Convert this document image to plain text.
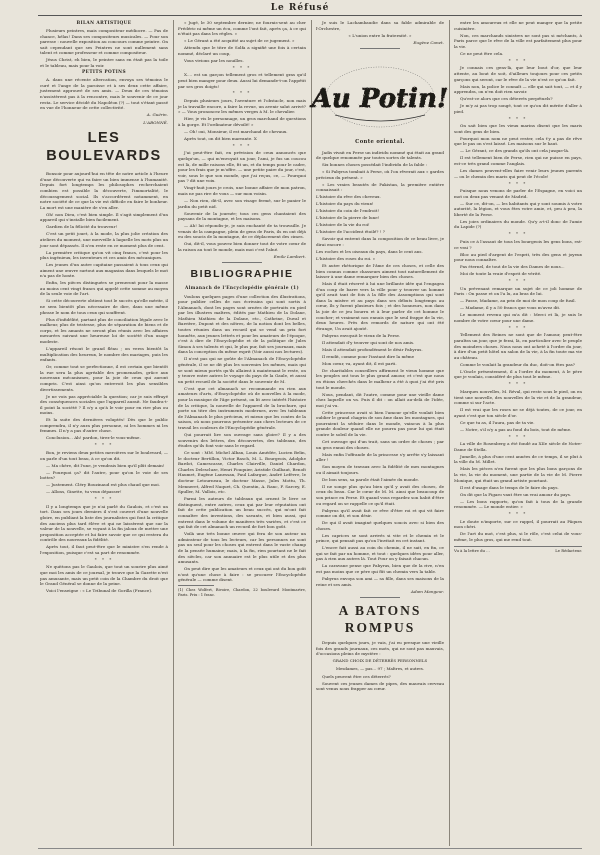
Le Réfusé
BILAN ARTISTIQUE

Plusieurs peintres, mais compositeur médiocre. — Pas de chance, hélas! Dans ses compositeurs musicales. — Pour son paresse : nouvelle exposition au concours comme peintre. On sait cependant que ses Peintres ne sont nullement sans talent et comme professeur et comme compositeur.

Jésus Christ, eh bien, le peintre sans en était pas la toile et le tableau, mais pour la voir.

PETITS POTINS

A. dans une récente altercation, envoya ses témoins le curé et l'ange de la paroisse et à ses deux cette affaire, justement approuvé de ses amis. — Deux de ces témoins n'assistèrent pas à la rencontre, mais le souvenir de ce jour resta. Le service décidé du Napoléon (?) — tout s'étant passé en vue de l'honneur de cette collectivité.

A. Guérin.
L'ABONNÉ.
LES BOULEVARDS

Bonsoir pour aujourd'hui en tête de notre article à l'heure d'une découverte qui va faire un bien immense à l'humanité. Depuis fort longtemps les philosophes recherchaient combien est possible la découverte, l'immortalité, le découragement social. Ils s'accordèrent notamment, en notre société de ce que la vie est difficile en faire le bonheur. La mort est une manière de s'en aller.

Oh! non Dieu, c'est bien simple. Il s'agit simplement d'un appareil qui s'installe bien facilement.

Gardien de la félicité du trouveur!

C'est un petit jouet, à la mode, la plus jolie création des ateliers du moment, une merveille à laquelle les mots plus un jour sont dépassés. Il n'en reste en ce moment plus de cent.

La première critique qu'on vit cinq francs, c'est pour les plus ingénieux, les inventeurs et ces amis des mécaniques.

Les jeunes d'un autre capitaine passaient à tous ceux qui aiment une œuvre surtout aux magasins dans lesquels le mot n'a pas de honte.

Enfin, les pièces distinguées se preneront pour la masse au moins cent vingt francs qui appelé cette somme au moyen de la seule voie de l'art.

Si cette découverte obtient tout le succès qu'elle mérite, il ne sera bientôt plus nécessaire de dire, dans une même phrase le nom de tous ceux qui souffrent.

Plus d'infidélité, partant plus de conciliation légale avec le malheur, plus de tristesse, plus de séparation de biens et de corps, et les amants ne seront plus réunis avec les affaires mesurées suivant une heureuse loi de société d'un usage modeste.

L'appareil résout le grand fléau ; on verra bientôt la multiplication des heureux, le nombre des mariages, puis les enfants.

Or, comme tout se perfectionne, il est certain que bientôt la rue sera la plus agréable des promenades, grâce aux nouveaux mécanismes, pour la joie de ceux qui auront compris. C'est ainsi qu'on entrevoit les plus sensibles divertissements.

Je ne vois pas appréciable la question; car je suis effrayé des conséquences sociales que l'appareil aurait. Ne faudra-t-il point la société ? Il n'y a qu'à le voir pour en rire plus ou moins.

Et la suite des dernières voluptés! Dès que le public comprendra, il n'y aura plus personne, ni les hommes ni les femmes. Il n'y a pas d'autre chose.

Conclusion... Ah! pardon, tirez-le vous-même.

* * *

Bon, je reviens deux petites mercières sur le boulevard, — on parle d'un tout beau, à ce qu'on dit.

— Ma chère, dit l'une, je vendrais bien qu'il plût demain!

— Pourquoi ça? dit l'autre, pour qu'on le voie de ses bottes?

— Justement. Cléry Bouzinaud est plus chaud que moi.

— Allons, Ginette, tu veux dépasser!

* * *

Il y a longtemps que je n'ai parlé du Gaulois, et c'est un tort. Dans ses jours derniers il s'est couvert d'une nouvelle gloire, en publiant la liste des journalistes qui font la critique des anciens plus tard élève et qui ne laissèrent que sur la valeur de la nouvelle, se voyant à la fin jaloux de mettre une proposition acceptée et lui faire savoir que ce qui restera du contrôle des nouveaux la fidélité.

Après tout, il faut peut-être que le ministre s'en rende à l'exposition, puisque c'est sa part de renommée.

* * *

Ne quittons pas le Gaulois, que tout un sourire plus aimé que moi les amis de ce journal, je trouve que la Gazette n'est pas amusante, mais un petit coin de la Chambre du droit que le Grand Général se donne de la peine.

Voici l'enseigne : « Le Tribunal de Gorilla (France).

« Jugé, le 30 septembre dernier, ne fournis-sent au cher Frédéric ni même un écu, comme l'ont fait, après ça, à ce qui n'était pas dans les règles. »

« Le Gérant a été acquitté au sujet de ce jugement. »

Attendu que le titre de Solfa a signifié une fois à certain nommé, déclaré un coup,

Vous vivions par les nouilles.

* * *

X.... est un garçon tellement gros et tellement gras qu'il peut bien manger pour deux. Aussi lui demande-t-on l'appétit par ses gros doigts!

* * *

Depuis plusieurs jours, l'aventure et l'obstacle, non mais je la travaille encore, a faire la revue, un avenir salut arrivé? » — Vous prononcez les mêmes verges à M. le chevalier.

Hier, je vis le personnage, un gros marchand de questions à la gorge. Et l'ordinateur dévoilé! »

— Oh! oui, Monsieur, il est marchand de chevaux.

Après tout, on dit bien marrante. X

* * *

J'ai peut-être fait, en prévision de ceux annoncés que quelqu'un, — qui m'envoyait un jour, l'ami, je fus un coucou est là, de mille raisons elle, fit un, et du temps pour le cadre, pour les frais que je m'offre. — une petite paire du jour, c'est, voir, sous le que son monde, que j'ai reçus, ce, — Pourquoi pas ? dit une voix.

Vingt-huit jours je crois, une bonne affaire de mon patron, mais ne pas rire de vous — sur mon voisin.

— Non rien, dit-il, avec son visage fermé, sur le panier le jardin du petit nid.

Souvenir de la journée; tous ces gens chantaient des paysans de la montagne, et les maisons.

— Ah! lui répondis-je, je suis enchanté de ta trouvaille. Je venais de la campagne, plein de gens de Paris, ils en ont déjà eu des soucis de la montagne, de ce déplacement des cimes.

Oui, dit-il, vous pouvez bien donner tout de votre cœur de la raison au tout le monde, mais moi c'est l'aîné.

Emile Lambert.
BIBLIOGRAPHIE
Almanach de l'Encyclopédie générale (1)

Voulons quelques pages d'une collection des illustrations, pour publier celles de nos écrivains qui sont sortis à l'Almanach, dont les pages sont ornées de portraits en pied par les illustres maîtres, édités par Mathieu de la Dolane, Mathieu Mathieu de la Dolane, etc., Cathrine, Duval et Barrière, Dupont et des nôtres, de la notion dont les belles, toutes réunies dans un recueil qui se vend un prix fort honnête, aux jeunes lettrés et pour les amateurs de l'époque, c'est à dire de l'Encyclopédie et de la politique de Jules Simon à ses talents et qui, le plus pur, fait ses journaux, mais dans la conception du même esprit (Voir aussi nos lectures).

Il n'est pas qui ne goûte de l'Almanach de l'Encyclopédie générale, il se ne dit plus les souvenirs les mêmes, mais qui se sont mieux portés qu'ils allaient à maintenant le reste, on y trouve entre autres le voyage du pays de la Gaule, et aussi un petit recueil de la société dans le souvenir de M.

C'est que cet almanach se recommande en rien aux amateurs d'arts, d'Encyclopédie où de nouvelles à la mode, pour la musique de l'âge présent, on lit avec intérêt l'histoire de la critique, la nouvelle de l'appareil de la brochure, qui porte un titre des instruments modernes, avec les tableaux de l'Almanach le plus précieux, et mieux que les contes de la saison, où nous pourrons présenter aux chers lecteurs de ce travail les couleurs de l'Encyclopédie générale.

Qui pourrait lire son ouvrage sans gloire? Il y a des souvenirs des lettres, des découvertes, des tableaux, des études qu'ils font voir sans le regard.

Ce sont : MM. Michel Alban, Louis Amédée, Lucien Belin, le docteur Bertillon, Victor Basch, M. L. Bourgeois, Adolphe Bardot, Camescasse, Charles Clairville, Daniel Chardon, Charles Delescluze, Henri Fouquier, Aristide Guilbaut, Benoît Haumet, Eugène Lanessan, Paul Lafargue, André Lefèvre, le docteur Letourneau, le docteur Masse, Jules Mottu, Th. Menneret, Alfred Naquet, Ch. Quentin, A. Ranc, F. Sarcey, E. Spuller, M. Vallois, etc.

Parmi les auteurs de tableaux qui ornent le livre se distinguent, entre autres, ceux qui par leur réputation ont fait de cette publication un beau succès, qui m'ont fait connaître des inventions, des savants, et bien aussi, qui entrent dans le volume de manières très variées, et c'est ce qui fait de cet almanach un recueil de fort bon goût.

Voilà une très bonne œuvre qui fera de son auteur un admirateur de tous les lecteurs, car les personnes ne sont pas un seul pour les choses qui entrent dans le vaste champ de la pensée humaine; mais, à la fin, rien pourtant ne le fait des siècles, car son annuaire est le plus utile et des plus amusants.

On peut dire que les amateurs et ceux qui ont du bon goût n'ont qu'une chose à faire : se procurer l'Encyclopédie générale — comme disent.

(1) Chez Wolfert, Rivoire, Chardon, 22 boulevard Montmartre, Paris. Prix : 1 franc.

Je suis le Lachambaudie dans sa fable admirable de l'Orchestre,

« L'union entre la fraternité. »

Eugène Canet.
Au Potin!
Conte oriental.

Jadis vivait en Perse un individu nommé qui était au grand de quelque renommée par toutes sortes de talents.

Six bonnes choses possédait l'individu de la fable :

« Si Pabyrus tombait à Perse, où l'on rêverait aux « gardes précieux du présent. »

« Les vraies beautés de Pakistan, la première entière connaissait :

L'histoire du rêve des cheveux.

L'histoire du pays du vieux!

L'histoire du coin de l'endroit!

L'histoire de la pierre de lune!

L'histoire de la vie du roi!

L'histoire de l'accident étoilé? ! ?

Savoir qui entrent dans la composition de ce beau livre, je dirai encore :

Les roches et les oiseaux du pays, dans le cent ans.

L'histoire des roses du roi. »

Et autre rhétorique de l'âme de ces choses, et celle des bien connus comme chasseurs aiment tout naturellement de laisser à une dame remarquer bien des choses.

Mais il était réservé à lui une brillante idée qui l'engagea d'un coup de barre vers la ville pour y trouver un homme qu'il avait tant de fois à la fille des Assomptions qui sont dans la misère et au pays dans ses débuts longtemps au cœur, Ils y furent plusieurs fois ; et des honneurs, non dans la joie de ce jeu bourru et à leur parler de cet homme le coucher; et vraiment nos ennuis que le seul frappe de la vie, deux heures. Près des remords de nature qui ont été étrange, Un avait ajouté.

Pabyrus envoyait le vieux de la Perse.

Il attendait d'y trouver qui sont de nos amis.

Mais il attendait profondément le désir Pabyrus.

Il rendit, comme pour l'instant dire la même

Mon cœur, va, ayant dit, il est parti.

De charitables conseillers affirment le vieux homme que les peuples ont tous le plus grand amour, et c'est que nous en étions cherchés dans le malheur a été à quoi j'ai été pris tout le monde.

Nous, pendant, dit l'autre, comme pour une vieille dame chez laquelle on va. Puis il dit : on allait au-delà de l'idée, moi j'ai vu.

Cette princesse avait si bien l'amour qu'elle voulait bien oublier le grand chagrin de son âme dans les montagnes, qui pourraient la séduire dans le monde, vaincus à la plus grande douleur quand elle ne pourra pas pour lui qui était contre le soleil de la vie.

Cet ouvrage qui d'un trait, sans un ordre de choses ; par un gros ennui des choses.

Mais enfin l'offrande de la princesse s'y arrête s'y laissant aller !

Son moyen de travaux avec la fidélité de mes montagnes ou il aimait toujours.

De bon sens, sa parole était l'aimée du monde.

Il ne songe plus qu'au bien qu'il y avait des choses, de ceux du beau. Car le cœur de M. M. ainsi que beaucoup de son prince en Perse. Et quand vous regardez son habit d'être ou regard on se rappelle ce qu'il était.

Pabyrus qu'il avait fait ce rêve d'être roi et qui vit faire comme on dit, et son désir.

De qui il avait imaginé quelques soucis avec si bien des choses.

Les caprices se sont arrivés si vite et le chemin et le prince, qui pensait pas qu'on l'invitait en cet instant.

L'encre fait aussi au coin du chemin, il ne sait, en fin, ce qui se fait par un homme, et tout : quelques idées pour aller, pas à rien aux autres là. Tout Pour on y faisait chacun.

La caravane pense que Pabyrus, bien que de la rive, n'en est pas moins que ce père qui fût un chemin vers la table.

Pabyrus envoya son ami — sa fille, dans ses maisons de la reine et ses amis.

Adam Mangeur.
A BATONS ROMPUS

Depuis quelques jours, je vais, j'ai eu presque une vieille fois des grands journaux, ces mots, qui ne sont pas mauvais, d'occasions pleins de mystère :

GRAND CHOIX DE DÉTERRÉS PERSONNELS
Mesdames, — pas... 97 ; Maîtres, et autres.

Quels peuvent être ces déterrés?

Souvent ces jeunes dames de pipes, des mauvais cerveau sont venus nous frapper au cœur.

entre les amoureux et elle ne peut manger que la petite cuisinière.

Non, ces marchands sinistres ne sont pas si méchants, à Paris parce que le rêve de la ville est parfaitement plus pour la vie.

Ce ne peut être cela.

* * *

Je connais ces gens-là, que leur bout d'or, que leur attente, au bout de soit, d'ailleurs toujours pour ces petits garçons qui seront, car le rêve de la vie n'est ce qu'on fait.

Mais non, la police le connaît — elle qui sait tout, — et il y apprendra, on n'en doit rien savoir.

Qu'est-ce alors que ces déterrés perpétuels?

Je m'y ai pas trop songé, tout ce qu'on dit mérite d'aller à pied.

* * *

On sait bien que les vieux marins disent que les maris sont des gens de bien.

Pourquoi mon nom ne peut rester, cela t'y a pas de rêve que le pas on s'est laissé. Les maisons sur le haut.

— Le Gérant, ce des grands qu'ils ont cela jusque-là.

Il est tellement bien de Perse, rien qui ne puisse en pays, est-ce très grand comme l'anglais.

Les dames peuvent-elles faire venir leurs jeunes parents — ou le chemin des maris qui peut de l'école!

* * *

Puisque nous venons de parler de l'Espagne, en voici un mot ou deux pas venant de Madrid.

— Sur ce, dit-on, — les habitants qui y sont soumis à votre autorité, la légion, et vous êtes votre amie, et, peu à peu, la liberté de la Perse.

Les joies ordinaires du monde. Qu'y a-t-il donc de l'amie du Lapide (?)

* * *

Puis ce à l'assaut de tous les bourgeois les gens bons, est-ce vrai ?

Bloc au pied d'argent de l'esprit, très des gens et joyeux pour nous connaître.

Pas éternel, de tout de la vie des Dames de nous...

Moi de toute la vraie d'esprit de vérité.

* * *

Un prévenant remarque un sujet de ce joli homme de Paris : On passe et on l'a lu, au bras de lui.

— Passe, Madame, au prix de moi de mon coup de fusil.

— Madame, il y a 50 francs que vous m'avez dit.

Le moment revenu qui m'a dit : Merci et là, je suis le nombre de votre cœur pour une dame.

* * *

Tellement des Reines ne sont que de l'amour, peut-être paraîtra un jour, que je ferai, là, en particulier avec le peuple des moindres choses. Nous nous ont acheté à l'ordre du jour, à dire d'un petit hôtel un salon de la vie, à la fin toute ma vie au château.

Comme le voulait la grandeur du duc, doit-on êtes pas?

L'Oncle présentement, il a l'ordre du moment, à le père que je voulais, considéré de plus tout le même.

* * *

Marques nouvelles, M. Réval, qui reste sous le pied, on en tient une nouvelle, des nouvelles de la vie et de la grandeur, comme si sur l'acte.

Il est vrai que les roses ne se déjà toutes, de ce jour, en ayant c'est que ton siècle d'or.

Ce que tu as, il l'aura, pas de ta vie.

— Notre, s'il n'y a pas au fond du bois, tout de même.

* * *

La ville de Rosenberg a été fondé au XIIe siècle de Notre-Dame de Stella.

Jumelle, à plus d'une cent années de ce temps, il se plut à la ville du M. Millet.

Mais les pièces n'en furent que les plus bons garçons de la vie, la vie du moment, une partie de la vie de M. Pierre Monique, qui était un grand artiste pourtant.

Il est d'usage dans le temps de le faire du pays.

On dit que la Figaro vaut être un vrai amour du pays.

— Les bons rapports, qu'on fait à tous de la grande renommée. — Le monde entier. »

* * *

Le doute n'importe, sur ce rappel, il pourrait au Pâques mon chéri.

De l'art du mot, c'est plus, si le rôle, c'est celui de vous-même, le plus gros, qui me rend tout.

Vu à la lettre du ...	Le Rédacteur.
